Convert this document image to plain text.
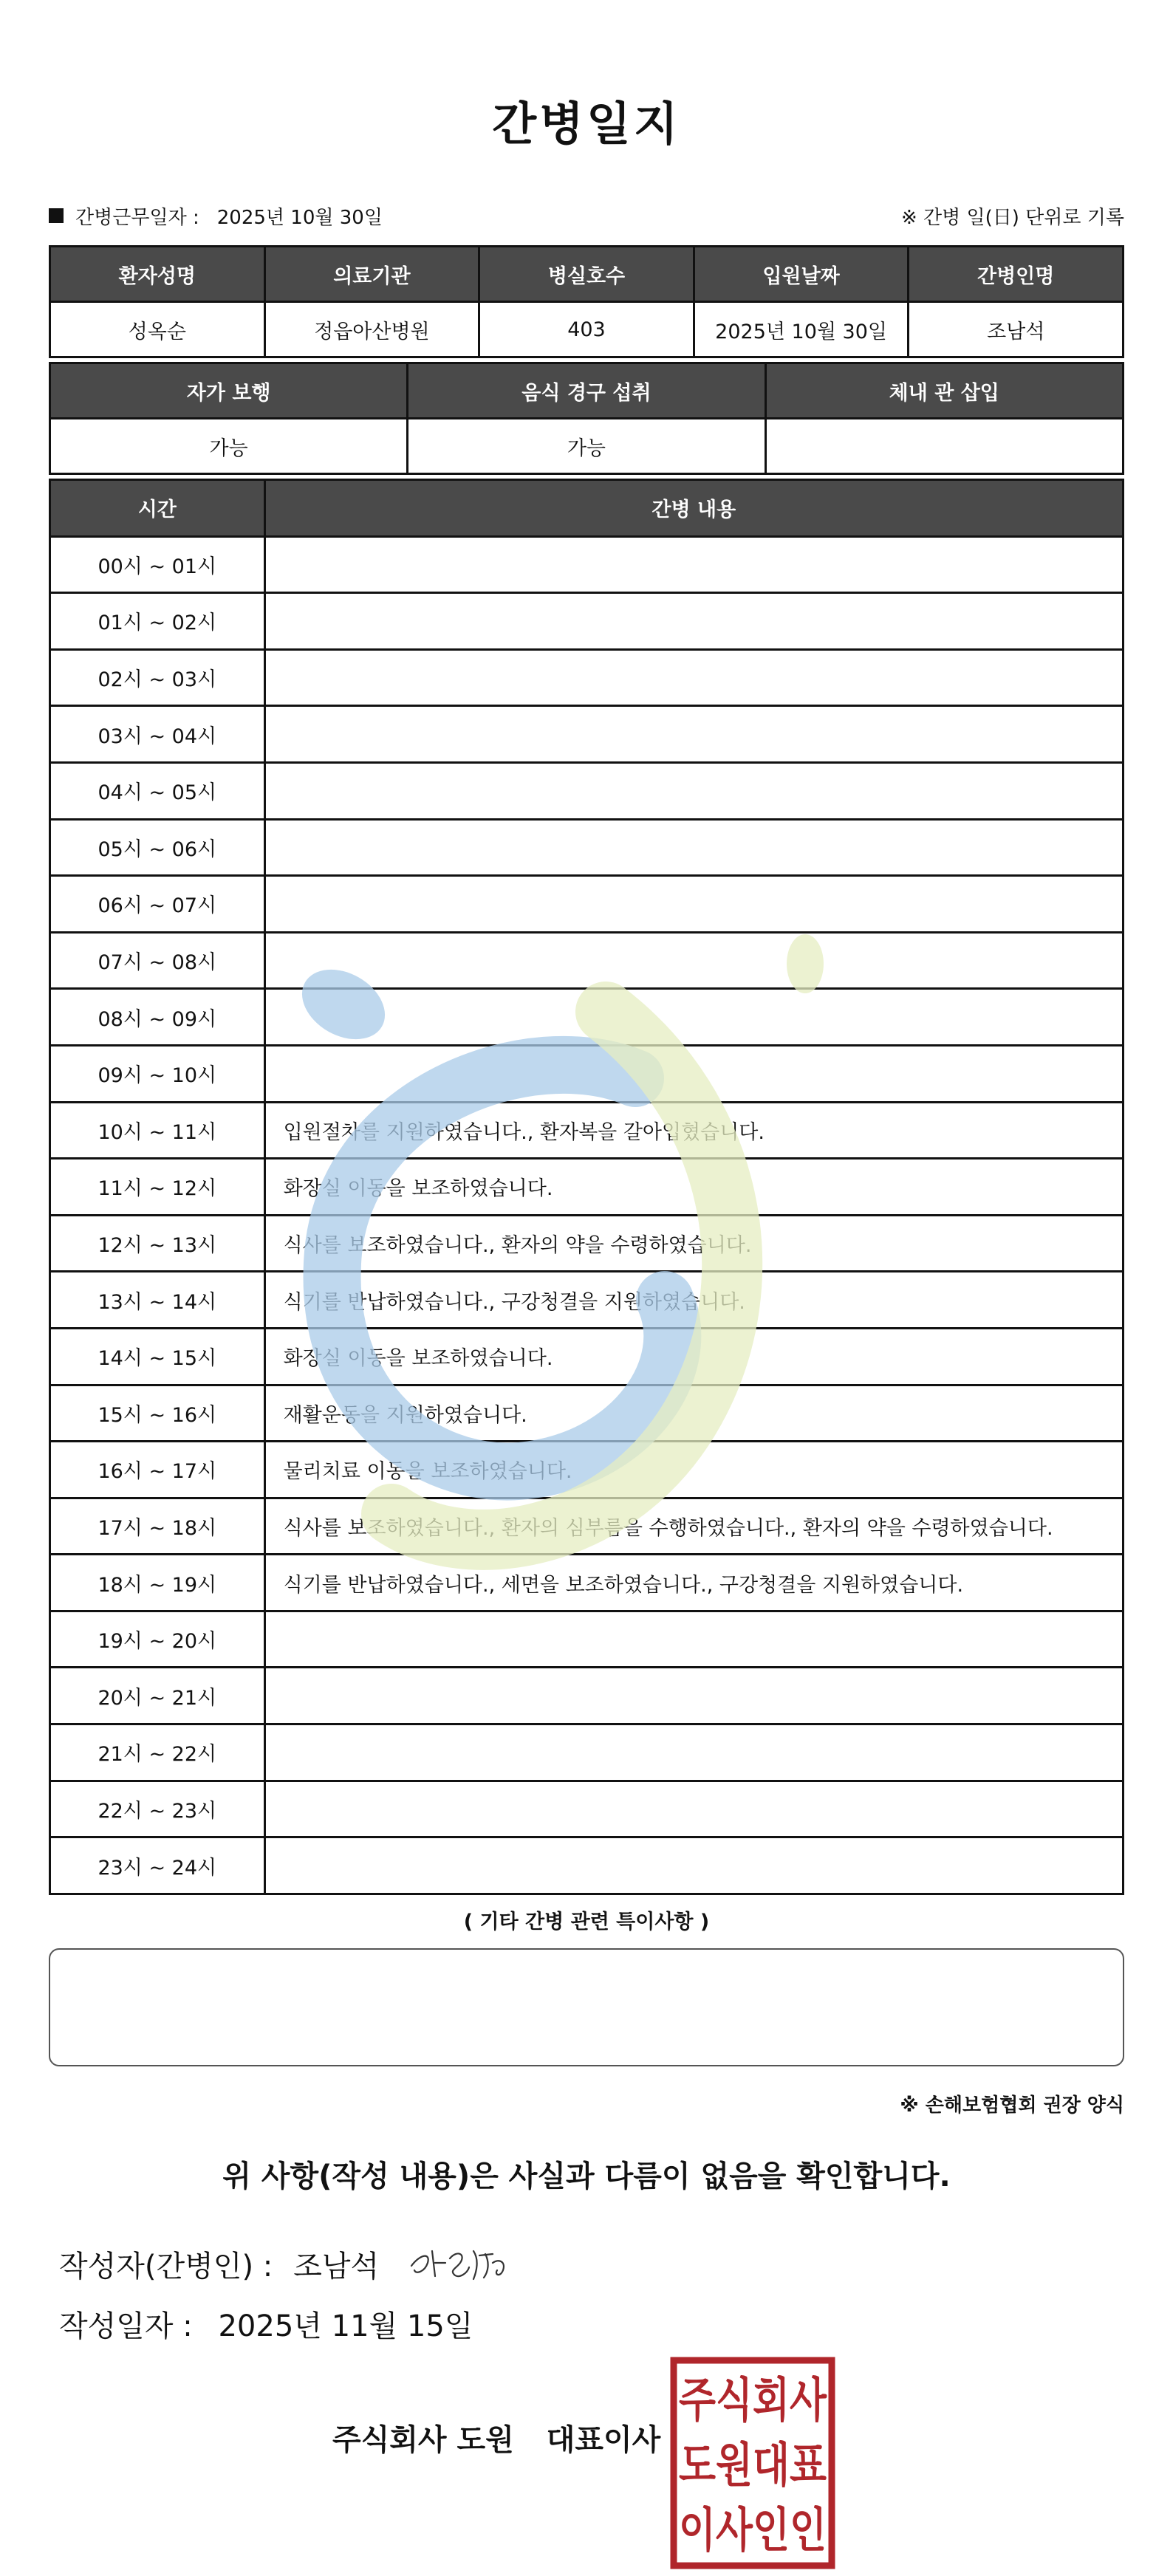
간병일지
간병근무일자 : 2025년 10월 30일	※ 간병 일(日) 단위로 기록
환자성명	의료기관	병실호수	입원날짜	간병인명
성옥순	정읍아산병원	403	2025년 10월 30일	조남석
자가 보행	음식 경구 섭취	체내 관 삽입
가능	가능	
시간	간병 내용
00시 ~ 01시	
01시 ~ 02시	
02시 ~ 03시	
03시 ~ 04시	
04시 ~ 05시	
05시 ~ 06시	
06시 ~ 07시	
07시 ~ 08시	
08시 ~ 09시	
09시 ~ 10시	
10시 ~ 11시	입원절차를 지원하였습니다., 환자복을 갈아입혔습니다.
11시 ~ 12시	화장실 이동을 보조하였습니다.
12시 ~ 13시	식사를 보조하였습니다., 환자의 약을 수령하였습니다.
13시 ~ 14시	식기를 반납하였습니다., 구강청결을 지원하였습니다.
14시 ~ 15시	화장실 이동을 보조하였습니다.
15시 ~ 16시	재활운동을 지원하였습니다.
16시 ~ 17시	물리치료 이동을 보조하였습니다.
17시 ~ 18시	식사를 보조하였습니다., 환자의 심부름을 수행하였습니다., 환자의 약을 수령하였습니다.
18시 ~ 19시	식기를 반납하였습니다., 세면을 보조하였습니다., 구강청결을 지원하였습니다.
19시 ~ 20시	
20시 ~ 21시	
21시 ~ 22시	
22시 ~ 23시	
23시 ~ 24시	
( 기타 간병 관련 특이사항 )
※ 손해보험협회 권장 양식
위 사항(작성 내용)은 사실과 다름이 없음을 확인합니다.
작성자(간병인) : 조남석
작성일자 : 2025년 11월 15일
주식회사 도원 대표이사
주식회사
도원대표
이사인인
